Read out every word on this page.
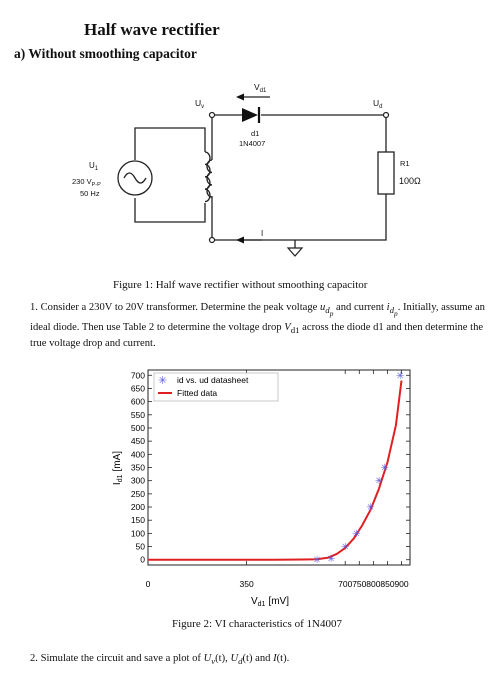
Half wave rectifier
a) Without smoothing capacitor
$V_{d1}$
$U_v$	$U_d$
d1
1N4007
R1
100Ω
I
$U_1$
230 $V_{P-P}$
50 Hz
Figure 1: Half wave rectifier without smoothing capacitor
1. Consider a 230V to 20V transformer. Determine the peak voltage $u_{d_p}$ and current $i_{d_p}$. Initially, assume an ideal diode. Then use Table 2 to determine the voltage drop $V_{d1}$ across the diode d1 and then determine the true voltage drop and current.
0
50
100
150
200
250
300
350
400
450
500
550
600
650
700
0	350	700 750 800 850 900
✳ ✳
✳
✳
✳
✳
✳
✳
✳ id vs. ud datasheet
Fitted data
$V_{d1}$ [mV]
$I_{d1}[mA]$
Figure 2: VI characteristics of 1N4007
2. Simulate the circuit and save a plot of $U_v(t)$, $U_d(t)$ and I(t).
